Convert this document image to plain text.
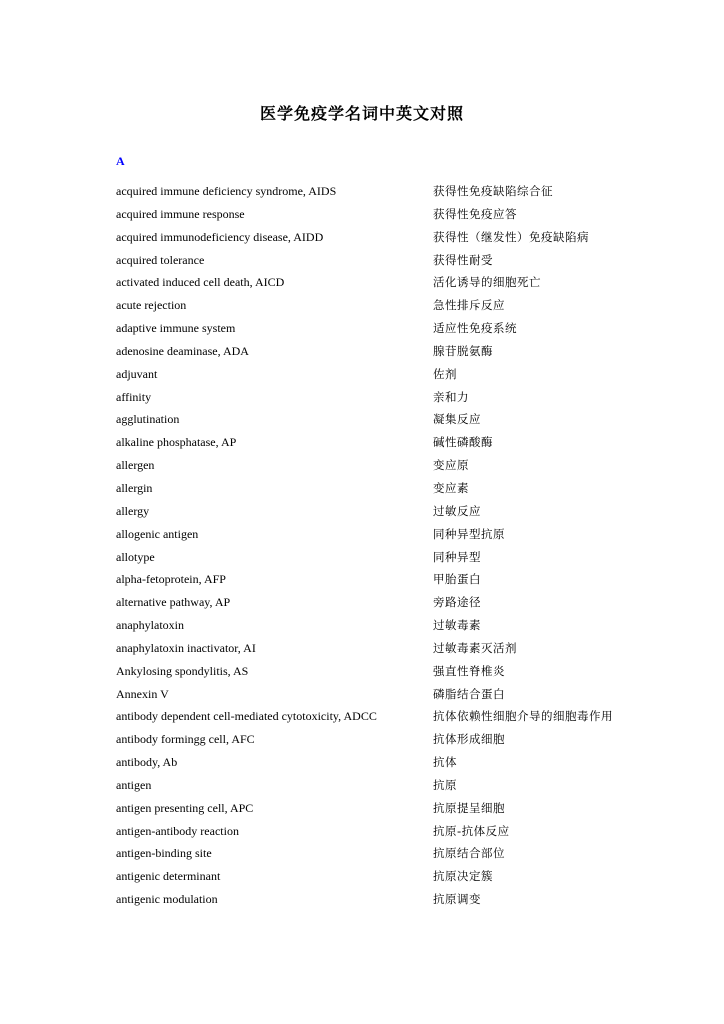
医学免疫学名词中英文对照
A
acquired immune deficiency syndrome, AIDS	获得性免疫缺陷综合征
acquired immune response	获得性免疫应答
acquired immunodeficiency disease, AIDD	获得性（继发性）免疫缺陷病
acquired tolerance	获得性耐受
activated induced cell death, AICD	活化诱导的细胞死亡
acute rejection	急性排斥反应
adaptive immune system	适应性免疫系统
adenosine deaminase, ADA	腺苷脱氨酶
adjuvant	佐剂
affinity	亲和力
agglutination	凝集反应
alkaline phosphatase, AP	碱性磷酸酶
allergen	变应原
allergin	变应素
allergy	过敏反应
allogenic antigen	同种异型抗原
allotype	同种异型
alpha-fetoprotein, AFP	甲胎蛋白
alternative pathway, AP	旁路途径
anaphylatoxin	过敏毒素
anaphylatoxin inactivator, AI	过敏毒素灭活剂
Ankylosing spondylitis, AS	强直性脊椎炎
Annexin V	磷脂结合蛋白
antibody dependent cell-mediated cytotoxicity, ADCC	抗体依赖性细胞介导的细胞毒作用
antibody formingg cell, AFC	抗体形成细胞
antibody, Ab	抗体
antigen	抗原
antigen presenting cell, APC	抗原提呈细胞
antigen-antibody reaction	抗原-抗体反应
antigen-binding site	抗原结合部位
antigenic determinant	抗原决定簇
antigenic modulation	抗原调变
